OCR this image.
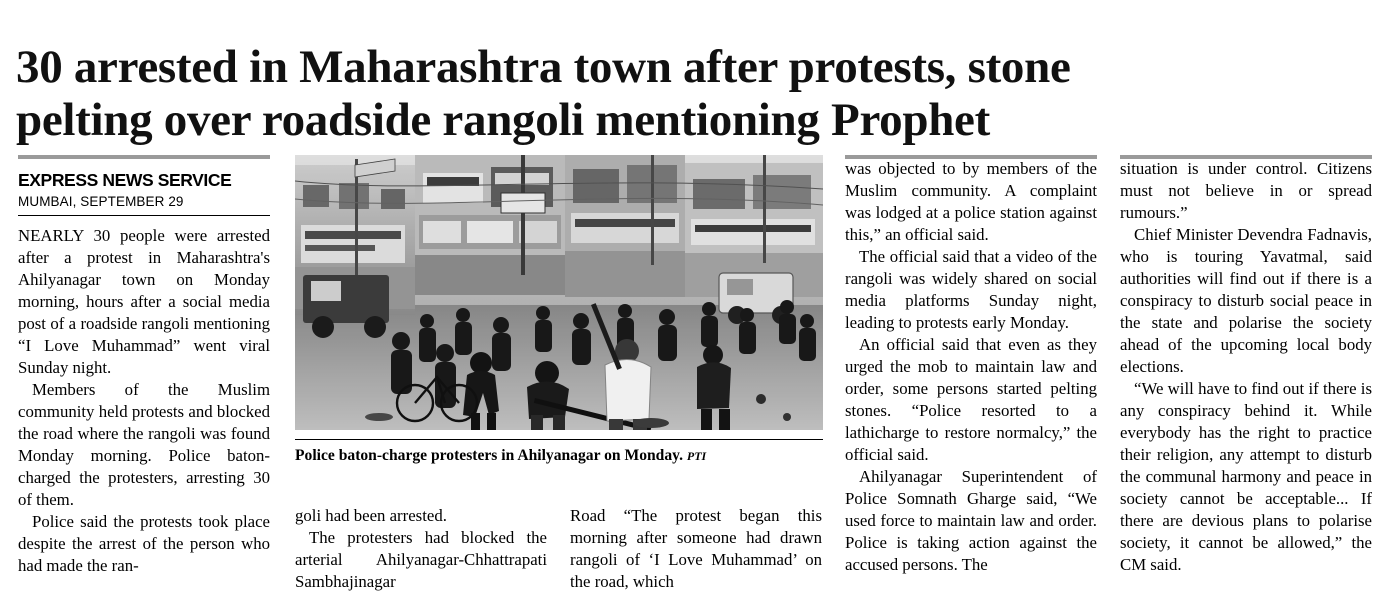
30 arrested in Maharashtra town after protests, stone
pelting over roadside rangoli mentioning Prophet
EXPRESS NEWS SERVICE
MUMBAI, SEPTEMBER 29

NEARLY 30 people were arrested after a protest in Maharashtra's Ahilyanagar town on Monday morning, hours after a social media post of a roadside rangoli mentioning “I Love Muhammad” went viral Sunday night.

Members of the Muslim community held protests and blocked the road where the rangoli was found Monday morning. Police baton-charged the protesters, arresting 30 of them.

Police said the protests took place despite the arrest of the person who had made the ran-

Police baton-charge protesters in Ahilyanagar on Monday. PTI

goli had been arrested.

The protesters had blocked the arterial Ahilyanagar-Chhattrapati Sambhajinagar

Road “The protest began this morning after someone had drawn rangoli of ‘I Love Muhammad’ on the road, which

was objected to by members of the Muslim community. A complaint was lodged at a police station against this,” an official said.

The official said that a video of the rangoli was widely shared on social media platforms Sunday night, leading to protests early Monday.

An official said that even as they urged the mob to maintain law and order, some persons started pelting stones. “Police resorted to a lathicharge to restore normalcy,” the official said.

Ahilyanagar Superintendent of Police Somnath Gharge said, “We used force to maintain law and order. Police is taking action against the accused persons. The

situation is under control. Citizens must not believe in or spread rumours.”

Chief Minister Devendra Fadnavis, who is touring Yavatmal, said authorities will find out if there is a conspiracy to disturb social peace in the state and polarise the society ahead of the upcoming local body elections.

“We will have to find out if there is any conspiracy behind it. While everybody has the right to practice their religion, any attempt to disturb the communal harmony and peace in society cannot be acceptable... If there are devious plans to polarise society, it cannot be allowed,” the CM said.
